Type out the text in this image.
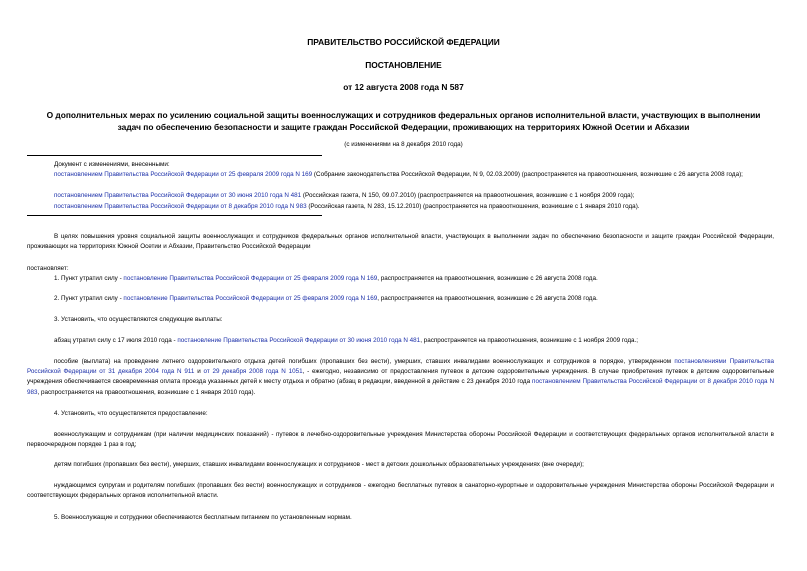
ПРАВИТЕЛЬСТВО РОССИЙСКОЙ ФЕДЕРАЦИИ
ПОСТАНОВЛЕНИЕ
от 12 августа 2008 года N 587
О дополнительных мерах по усилению социальной защиты военнослужащих и сотрудников федеральных органов исполнительной власти, участвующих в выполнении задач по обеспечению безопасности и защите граждан Российской Федерации, проживающих на территориях Южной Осетии и Абхазии
(с изменениями на 8 декабря 2010 года)
Документ с изменениями, внесенными:
постановлением Правительства Российской Федерации от 25 февраля 2009 года N 169 (Собрание законодательства Российской Федерации, N 9, 02.03.2009) (распространяется на правоотношения, возникшие с 26 августа 2008 года);
постановлением Правительства Российской Федерации от 30 июня 2010 года N 481 (Российская газета, N 150, 09.07.2010) (распространяется на правоотношения, возникшие с 1 ноября 2009 года);
постановлением Правительства Российской Федерации от 8 декабря 2010 года N 983 (Российская газета, N 283, 15.12.2010) (распространяется на правоотношения, возникшие с 1 января 2010 года).
В целях повышения уровня социальной защиты военнослужащих и сотрудников федеральных органов исполнительной власти, участвующих в выполнении задач по обеспечению безопасности и защите граждан Российской Федерации, проживающих на территориях Южной Осетии и Абхазии, Правительство Российской Федерации
постановляет:
1. Пункт утратил силу - постановление Правительства Российской Федерации от 25 февраля 2009 года N 169, распространяется на правоотношения, возникшие с 26 августа 2008 года.
2. Пункт утратил силу - постановление Правительства Российской Федерации от 25 февраля 2009 года N 169, распространяется на правоотношения, возникшие с 26 августа 2008 года.
3. Установить, что осуществляются следующие выплаты:
абзац утратил силу с 17 июля 2010 года - постановление Правительства Российской Федерации от 30 июня 2010 года N 481, распространяется на правоотношения, возникшие с 1 ноября 2009 года.;
пособие (выплата) на проведение летнего оздоровительного отдыха детей погибших (пропавших без вести), умерших, ставших инвалидами военнослужащих и сотрудников в порядке, утвержденном постановлениями Правительства Российской Федерации от 31 декабря 2004 года N 911 и от 29 декабря 2008 года N 1051, - ежегодно, независимо от предоставления путевок в детские оздоровительные учреждения. В случае приобретения путевок в детские оздоровительные учреждения обеспечивается своевременная оплата проезда указанных детей к месту отдыха и обратно (абзац в редакции, введенной в действие с 23 декабря 2010 года постановлением Правительства Российской Федерации от 8 декабря 2010 года N 983, распространяется на правоотношения, возникшие с 1 января 2010 года).
4. Установить, что осуществляется предоставление:
военнослужащим и сотрудникам (при наличии медицинских показаний) - путевок в лечебно-оздоровительные учреждения Министерства обороны Российской Федерации и соответствующих федеральных органов исполнительной власти в первоочередном порядке 1 раз в год;
детям погибших (пропавших без вести), умерших, ставших инвалидами военнослужащих и сотрудников - мест в детских дошкольных образовательных учреждениях (вне очереди);
нуждающимся супругам и родителям погибших (пропавших без вести) военнослужащих и сотрудников - ежегодно бесплатных путевок в санаторно-курортные и оздоровительные учреждения Министерства обороны Российской Федерации и соответствующих федеральных органов исполнительной власти.
5. Военнослужащие и сотрудники обеспечиваются бесплатным питанием по установленным нормам.
